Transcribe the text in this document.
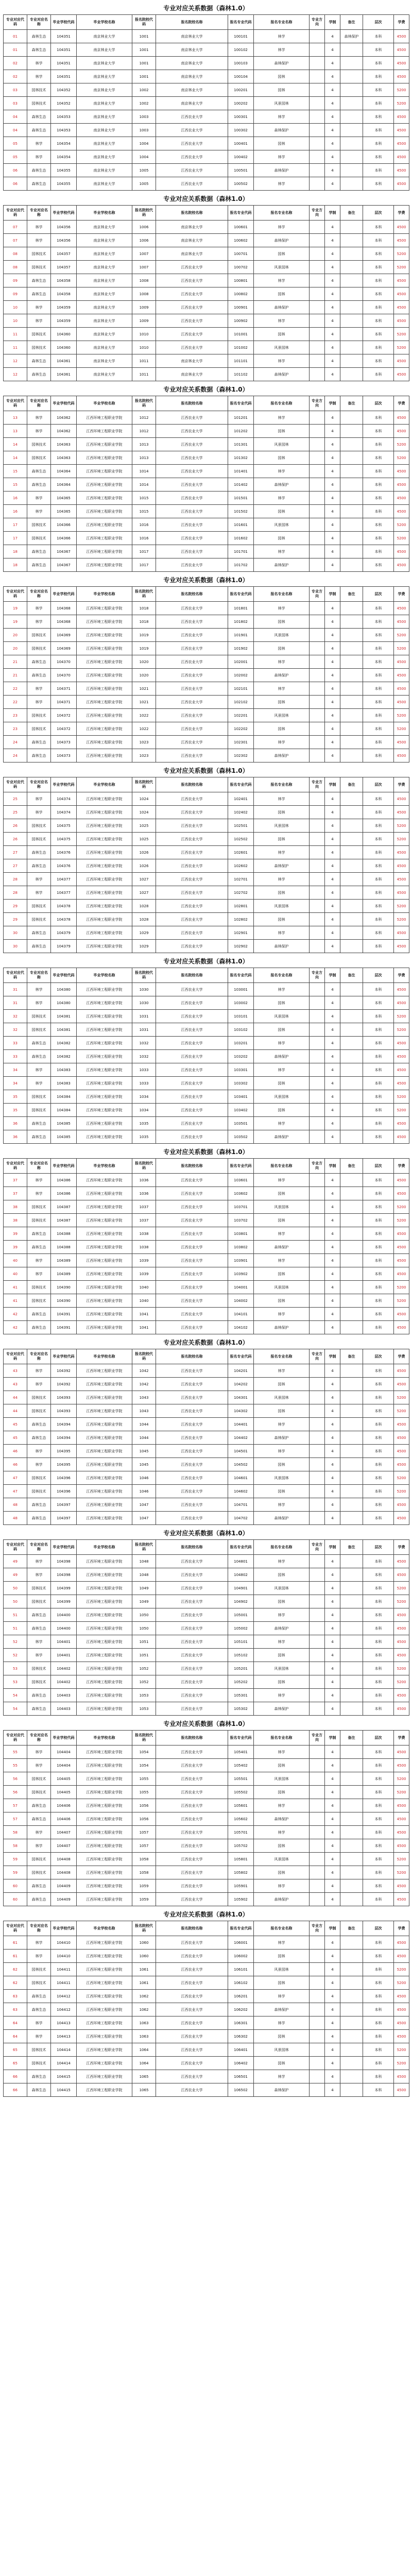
专业对应关系数据（森林1.0）
专业对应代码	专业对应名称	毕业学校代码	毕业学校名称	报名院校代码	报名院校名称	报名专业代码	报名专业名称	专业方向	学制	备注	层次	学费
01	森林生态	104351	南京林业大学	1001	南京林业大学	100101	林学		4	森林保护	本科	4500
01	森林生态	104351	南京林业大学	1001	南京林业大学	100102	林学		4		本科	4500
02	林学	104351	南京林业大学	1001	南京林业大学	100103	森林保护		4		本科	4500
02	林学	104351	南京林业大学	1001	南京林业大学	100104	园林		4		本科	4500
03	园林技术	104352	南京林业大学	1002	南京林业大学	100201	园林		4		本科	5200
03	园林技术	104352	南京林业大学	1002	南京林业大学	100202	风景园林		4		本科	5200
04	森林生态	104353	南京林业大学	1003	江西农业大学	100301	林学		4		本科	4500
04	森林生态	104353	南京林业大学	1003	江西农业大学	100302	森林保护		4		本科	4500
05	林学	104354	南京林业大学	1004	江西农业大学	100401	园林		4		本科	4500
05	林学	104354	南京林业大学	1004	江西农业大学	100402	林学		4		本科	4500
06	森林生态	104355	南京林业大学	1005	江西农业大学	100501	森林保护		4		本科	4500
06	森林生态	104355	南京林业大学	1005	江西农业大学	100502	林学		4		本科	4500
专业对应关系数据（森林1.0）
专业对应代码	专业对应名称	毕业学校代码	毕业学校名称	报名院校代码	报名院校名称	报名专业代码	报名专业名称	专业方向	学制	备注	层次	学费
07	林学	104356	南京林业大学	1006	南京林业大学	100601	林学		4		本科	4500
07	林学	104356	南京林业大学	1006	南京林业大学	100602	森林保护		4		本科	4500
08	园林技术	104357	南京林业大学	1007	南京林业大学	100701	园林		4		本科	5200
08	园林技术	104357	南京林业大学	1007	江西农业大学	100702	风景园林		4		本科	5200
09	森林生态	104358	南京林业大学	1008	江西农业大学	100801	林学		4		本科	4500
09	森林生态	104358	南京林业大学	1008	江西农业大学	100802	园林		4		本科	4500
10	林学	104359	南京林业大学	1009	江西农业大学	100901	森林保护		4		本科	4500
10	林学	104359	南京林业大学	1009	江西农业大学	100902	林学		4		本科	4500
11	园林技术	104360	南京林业大学	1010	江西农业大学	101001	园林		4		本科	5200
11	园林技术	104360	南京林业大学	1010	江西农业大学	101002	风景园林		4		本科	5200
12	森林生态	104361	南京林业大学	1011	南京林业大学	101101	林学		4		本科	4500
12	森林生态	104361	南京林业大学	1011	南京林业大学	101102	森林保护		4		本科	4500
专业对应关系数据（森林1.0）
专业对应代码	专业对应名称	毕业学校代码	毕业学校名称	报名院校代码	报名院校名称	报名专业代码	报名专业名称	专业方向	学制	备注	层次	学费
13	林学	104362	江西环境工程职业学院	1012	江西农业大学	101201	林学		4		本科	4500
13	林学	104362	江西环境工程职业学院	1012	江西农业大学	101202	园林		4		本科	4500
14	园林技术	104363	江西环境工程职业学院	1013	江西农业大学	101301	风景园林		4		本科	5200
14	园林技术	104363	江西环境工程职业学院	1013	江西农业大学	101302	园林		4		本科	5200
15	森林生态	104364	江西环境工程职业学院	1014	江西农业大学	101401	林学		4		本科	4500
15	森林生态	104364	江西环境工程职业学院	1014	江西农业大学	101402	森林保护		4		本科	4500
16	林学	104365	江西环境工程职业学院	1015	江西农业大学	101501	林学		4		本科	4500
16	林学	104365	江西环境工程职业学院	1015	江西农业大学	101502	园林		4		本科	4500
17	园林技术	104366	江西环境工程职业学院	1016	江西农业大学	101601	风景园林		4		本科	5200
17	园林技术	104366	江西环境工程职业学院	1016	江西农业大学	101602	园林		4		本科	5200
18	森林生态	104367	江西环境工程职业学院	1017	江西农业大学	101701	林学		4		本科	4500
18	森林生态	104367	江西环境工程职业学院	1017	江西农业大学	101702	森林保护		4		本科	4500
专业对应关系数据（森林1.0）
专业对应代码	专业对应名称	毕业学校代码	毕业学校名称	报名院校代码	报名院校名称	报名专业代码	报名专业名称	专业方向	学制	备注	层次	学费
19	林学	104368	江西环境工程职业学院	1018	江西农业大学	101801	林学		4		本科	4500
19	林学	104368	江西环境工程职业学院	1018	江西农业大学	101802	园林		4		本科	4500
20	园林技术	104369	江西环境工程职业学院	1019	江西农业大学	101901	风景园林		4		本科	5200
20	园林技术	104369	江西环境工程职业学院	1019	江西农业大学	101902	园林		4		本科	5200
21	森林生态	104370	江西环境工程职业学院	1020	江西农业大学	102001	林学		4		本科	4500
21	森林生态	104370	江西环境工程职业学院	1020	江西农业大学	102002	森林保护		4		本科	4500
22	林学	104371	江西环境工程职业学院	1021	江西农业大学	102101	林学		4		本科	4500
22	林学	104371	江西环境工程职业学院	1021	江西农业大学	102102	园林		4		本科	4500
23	园林技术	104372	江西环境工程职业学院	1022	江西农业大学	102201	风景园林		4		本科	5200
23	园林技术	104372	江西环境工程职业学院	1022	江西农业大学	102202	园林		4		本科	5200
24	森林生态	104373	江西环境工程职业学院	1023	江西农业大学	102301	林学		4		本科	4500
24	森林生态	104373	江西环境工程职业学院	1023	江西农业大学	102302	森林保护		4		本科	4500
专业对应关系数据（森林1.0）
专业对应代码	专业对应名称	毕业学校代码	毕业学校名称	报名院校代码	报名院校名称	报名专业代码	报名专业名称	专业方向	学制	备注	层次	学费
25	林学	104374	江西环境工程职业学院	1024	江西农业大学	102401	林学		4		本科	4500
25	林学	104374	江西环境工程职业学院	1024	江西农业大学	102402	园林		4		本科	4500
26	园林技术	104375	江西环境工程职业学院	1025	江西农业大学	102501	风景园林		4		本科	5200
26	园林技术	104375	江西环境工程职业学院	1025	江西农业大学	102502	园林		4		本科	5200
27	森林生态	104376	江西环境工程职业学院	1026	江西农业大学	102601	林学		4		本科	4500
27	森林生态	104376	江西环境工程职业学院	1026	江西农业大学	102602	森林保护		4		本科	4500
28	林学	104377	江西环境工程职业学院	1027	江西农业大学	102701	林学		4		本科	4500
28	林学	104377	江西环境工程职业学院	1027	江西农业大学	102702	园林		4		本科	4500
29	园林技术	104378	江西环境工程职业学院	1028	江西农业大学	102801	风景园林		4		本科	5200
29	园林技术	104378	江西环境工程职业学院	1028	江西农业大学	102802	园林		4		本科	5200
30	森林生态	104379	江西环境工程职业学院	1029	江西农业大学	102901	林学		4		本科	4500
30	森林生态	104379	江西环境工程职业学院	1029	江西农业大学	102902	森林保护		4		本科	4500
专业对应关系数据（森林1.0）
专业对应代码	专业对应名称	毕业学校代码	毕业学校名称	报名院校代码	报名院校名称	报名专业代码	报名专业名称	专业方向	学制	备注	层次	学费
31	林学	104380	江西环境工程职业学院	1030	江西农业大学	103001	林学		4		本科	4500
31	林学	104380	江西环境工程职业学院	1030	江西农业大学	103002	园林		4		本科	4500
32	园林技术	104381	江西环境工程职业学院	1031	江西农业大学	103101	风景园林		4		本科	5200
32	园林技术	104381	江西环境工程职业学院	1031	江西农业大学	103102	园林		4		本科	5200
33	森林生态	104382	江西环境工程职业学院	1032	江西农业大学	103201	林学		4		本科	4500
33	森林生态	104382	江西环境工程职业学院	1032	江西农业大学	103202	森林保护		4		本科	4500
34	林学	104383	江西环境工程职业学院	1033	江西农业大学	103301	林学		4		本科	4500
34	林学	104383	江西环境工程职业学院	1033	江西农业大学	103302	园林		4		本科	4500
35	园林技术	104384	江西环境工程职业学院	1034	江西农业大学	103401	风景园林		4		本科	5200
35	园林技术	104384	江西环境工程职业学院	1034	江西农业大学	103402	园林		4		本科	5200
36	森林生态	104385	江西环境工程职业学院	1035	江西农业大学	103501	林学		4		本科	4500
36	森林生态	104385	江西环境工程职业学院	1035	江西农业大学	103502	森林保护		4		本科	4500
专业对应关系数据（森林1.0）
专业对应代码	专业对应名称	毕业学校代码	毕业学校名称	报名院校代码	报名院校名称	报名专业代码	报名专业名称	专业方向	学制	备注	层次	学费
37	林学	104386	江西环境工程职业学院	1036	江西农业大学	103601	林学		4		本科	4500
37	林学	104386	江西环境工程职业学院	1036	江西农业大学	103602	园林		4		本科	4500
38	园林技术	104387	江西环境工程职业学院	1037	江西农业大学	103701	风景园林		4		本科	5200
38	园林技术	104387	江西环境工程职业学院	1037	江西农业大学	103702	园林		4		本科	5200
39	森林生态	104388	江西环境工程职业学院	1038	江西农业大学	103801	林学		4		本科	4500
39	森林生态	104388	江西环境工程职业学院	1038	江西农业大学	103802	森林保护		4		本科	4500
40	林学	104389	江西环境工程职业学院	1039	江西农业大学	103901	林学		4		本科	4500
40	林学	104389	江西环境工程职业学院	1039	江西农业大学	103902	园林		4		本科	4500
41	园林技术	104390	江西环境工程职业学院	1040	江西农业大学	104001	风景园林		4		本科	5200
41	园林技术	104390	江西环境工程职业学院	1040	江西农业大学	104002	园林		4		本科	5200
42	森林生态	104391	江西环境工程职业学院	1041	江西农业大学	104101	林学		4		本科	4500
42	森林生态	104391	江西环境工程职业学院	1041	江西农业大学	104102	森林保护		4		本科	4500
专业对应关系数据（森林1.0）
专业对应代码	专业对应名称	毕业学校代码	毕业学校名称	报名院校代码	报名院校名称	报名专业代码	报名专业名称	专业方向	学制	备注	层次	学费
43	林学	104392	江西环境工程职业学院	1042	江西农业大学	104201	林学		4		本科	4500
43	林学	104392	江西环境工程职业学院	1042	江西农业大学	104202	园林		4		本科	4500
44	园林技术	104393	江西环境工程职业学院	1043	江西农业大学	104301	风景园林		4		本科	5200
44	园林技术	104393	江西环境工程职业学院	1043	江西农业大学	104302	园林		4		本科	5200
45	森林生态	104394	江西环境工程职业学院	1044	江西农业大学	104401	林学		4		本科	4500
45	森林生态	104394	江西环境工程职业学院	1044	江西农业大学	104402	森林保护		4		本科	4500
46	林学	104395	江西环境工程职业学院	1045	江西农业大学	104501	林学		4		本科	4500
46	林学	104395	江西环境工程职业学院	1045	江西农业大学	104502	园林		4		本科	4500
47	园林技术	104396	江西环境工程职业学院	1046	江西农业大学	104601	风景园林		4		本科	5200
47	园林技术	104396	江西环境工程职业学院	1046	江西农业大学	104602	园林		4		本科	5200
48	森林生态	104397	江西环境工程职业学院	1047	江西农业大学	104701	林学		4		本科	4500
48	森林生态	104397	江西环境工程职业学院	1047	江西农业大学	104702	森林保护		4		本科	4500
专业对应关系数据（森林1.0）
专业对应代码	专业对应名称	毕业学校代码	毕业学校名称	报名院校代码	报名院校名称	报名专业代码	报名专业名称	专业方向	学制	备注	层次	学费
49	林学	104398	江西环境工程职业学院	1048	江西农业大学	104801	林学		4		本科	4500
49	林学	104398	江西环境工程职业学院	1048	江西农业大学	104802	园林		4		本科	4500
50	园林技术	104399	江西环境工程职业学院	1049	江西农业大学	104901	风景园林		4		本科	5200
50	园林技术	104399	江西环境工程职业学院	1049	江西农业大学	104902	园林		4		本科	5200
51	森林生态	104400	江西环境工程职业学院	1050	江西农业大学	105001	林学		4		本科	4500
51	森林生态	104400	江西环境工程职业学院	1050	江西农业大学	105002	森林保护		4		本科	4500
52	林学	104401	江西环境工程职业学院	1051	江西农业大学	105101	林学		4		本科	4500
52	林学	104401	江西环境工程职业学院	1051	江西农业大学	105102	园林		4		本科	4500
53	园林技术	104402	江西环境工程职业学院	1052	江西农业大学	105201	风景园林		4		本科	5200
53	园林技术	104402	江西环境工程职业学院	1052	江西农业大学	105202	园林		4		本科	5200
54	森林生态	104403	江西环境工程职业学院	1053	江西农业大学	105301	林学		4		本科	4500
54	森林生态	104403	江西环境工程职业学院	1053	江西农业大学	105302	森林保护		4		本科	4500
专业对应关系数据（森林1.0）
专业对应代码	专业对应名称	毕业学校代码	毕业学校名称	报名院校代码	报名院校名称	报名专业代码	报名专业名称	专业方向	学制	备注	层次	学费
55	林学	104404	江西环境工程职业学院	1054	江西农业大学	105401	林学		4		本科	4500
55	林学	104404	江西环境工程职业学院	1054	江西农业大学	105402	园林		4		本科	4500
56	园林技术	104405	江西环境工程职业学院	1055	江西农业大学	105501	风景园林		4		本科	5200
56	园林技术	104405	江西环境工程职业学院	1055	江西农业大学	105502	园林		4		本科	5200
57	森林生态	104406	江西环境工程职业学院	1056	江西农业大学	105601	林学		4		本科	4500
57	森林生态	104406	江西环境工程职业学院	1056	江西农业大学	105602	森林保护		4		本科	4500
58	林学	104407	江西环境工程职业学院	1057	江西农业大学	105701	林学		4		本科	4500
58	林学	104407	江西环境工程职业学院	1057	江西农业大学	105702	园林		4		本科	4500
59	园林技术	104408	江西环境工程职业学院	1058	江西农业大学	105801	风景园林		4		本科	5200
59	园林技术	104408	江西环境工程职业学院	1058	江西农业大学	105802	园林		4		本科	5200
60	森林生态	104409	江西环境工程职业学院	1059	江西农业大学	105901	林学		4		本科	4500
60	森林生态	104409	江西环境工程职业学院	1059	江西农业大学	105902	森林保护		4		本科	4500
专业对应关系数据（森林1.0）
专业对应代码	专业对应名称	毕业学校代码	毕业学校名称	报名院校代码	报名院校名称	报名专业代码	报名专业名称	专业方向	学制	备注	层次	学费
61	林学	104410	江西环境工程职业学院	1060	江西农业大学	106001	林学		4		本科	4500
61	林学	104410	江西环境工程职业学院	1060	江西农业大学	106002	园林		4		本科	4500
62	园林技术	104411	江西环境工程职业学院	1061	江西农业大学	106101	风景园林		4		本科	5200
62	园林技术	104411	江西环境工程职业学院	1061	江西农业大学	106102	园林		4		本科	5200
63	森林生态	104412	江西环境工程职业学院	1062	江西农业大学	106201	林学		4		本科	4500
63	森林生态	104412	江西环境工程职业学院	1062	江西农业大学	106202	森林保护		4		本科	4500
64	林学	104413	江西环境工程职业学院	1063	江西农业大学	106301	林学		4		本科	4500
64	林学	104413	江西环境工程职业学院	1063	江西农业大学	106302	园林		4		本科	4500
65	园林技术	104414	江西环境工程职业学院	1064	江西农业大学	106401	风景园林		4		本科	5200
65	园林技术	104414	江西环境工程职业学院	1064	江西农业大学	106402	园林		4		本科	5200
66	森林生态	104415	江西环境工程职业学院	1065	江西农业大学	106501	林学		4		本科	4500
66	森林生态	104415	江西环境工程职业学院	1065	江西农业大学	106502	森林保护		4		本科	4500
